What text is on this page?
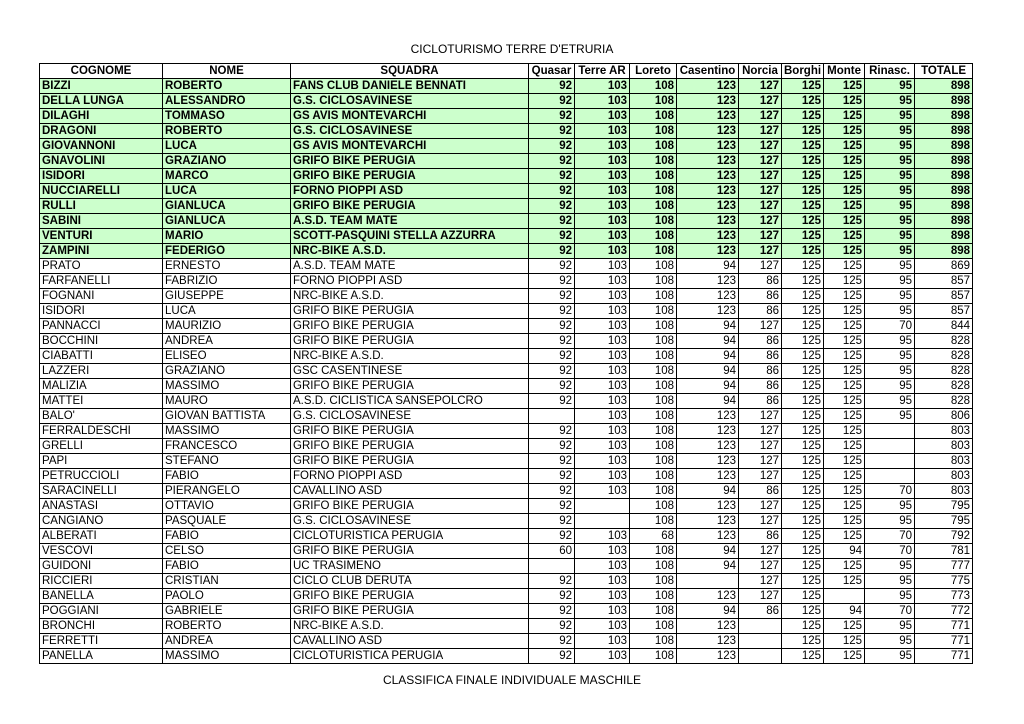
CICLOTURISMO TERRE D'ETRURIA
COGNOME	NOME	SQUADRA	Quasar	Terre AR	Loreto	Casentino	Norcia	Borghi	Monte	Rinasc.	TOTALE
BIZZI	ROBERTO	FANS CLUB DANIELE BENNATI	92	103	108	123	127	125	125	95	898
DELLA LUNGA	ALESSANDRO	G.S. CICLOSAVINESE	92	103	108	123	127	125	125	95	898
DILAGHI	TOMMASO	GS AVIS MONTEVARCHI	92	103	108	123	127	125	125	95	898
DRAGONI	ROBERTO	G.S. CICLOSAVINESE	92	103	108	123	127	125	125	95	898
GIOVANNONI	LUCA	GS AVIS MONTEVARCHI	92	103	108	123	127	125	125	95	898
GNAVOLINI	GRAZIANO	GRIFO BIKE PERUGIA	92	103	108	123	127	125	125	95	898
ISIDORI	MARCO	GRIFO BIKE PERUGIA	92	103	108	123	127	125	125	95	898
NUCCIARELLI	LUCA	FORNO PIOPPI ASD	92	103	108	123	127	125	125	95	898
RULLI	GIANLUCA	GRIFO BIKE PERUGIA	92	103	108	123	127	125	125	95	898
SABINI	GIANLUCA	A.S.D. TEAM MATE	92	103	108	123	127	125	125	95	898
VENTURI	MARIO	SCOTT-PASQUINI STELLA AZZURRA	92	103	108	123	127	125	125	95	898
ZAMPINI	FEDERIGO	NRC-BIKE A.S.D.	92	103	108	123	127	125	125	95	898
PRATO	ERNESTO	A.S.D. TEAM MATE	92	103	108	94	127	125	125	95	869
FARFANELLI	FABRIZIO	FORNO PIOPPI ASD	92	103	108	123	86	125	125	95	857
FOGNANI	GIUSEPPE	NRC-BIKE A.S.D.	92	103	108	123	86	125	125	95	857
ISIDORI	LUCA	GRIFO BIKE PERUGIA	92	103	108	123	86	125	125	95	857
PANNACCI	MAURIZIO	GRIFO BIKE PERUGIA	92	103	108	94	127	125	125	70	844
BOCCHINI	ANDREA	GRIFO BIKE PERUGIA	92	103	108	94	86	125	125	95	828
CIABATTI	ELISEO	NRC-BIKE A.S.D.	92	103	108	94	86	125	125	95	828
LAZZERI	GRAZIANO	GSC CASENTINESE	92	103	108	94	86	125	125	95	828
MALIZIA	MASSIMO	GRIFO BIKE PERUGIA	92	103	108	94	86	125	125	95	828
MATTEI	MAURO	A.S.D. CICLISTICA SANSEPOLCRO	92	103	108	94	86	125	125	95	828
BALO'	GIOVAN BATTISTA	G.S. CICLOSAVINESE		103	108	123	127	125	125	95	806
FERRALDESCHI	MASSIMO	GRIFO BIKE PERUGIA	92	103	108	123	127	125	125		803
GRELLI	FRANCESCO	GRIFO BIKE PERUGIA	92	103	108	123	127	125	125		803
PAPI	STEFANO	GRIFO BIKE PERUGIA	92	103	108	123	127	125	125		803
PETRUCCIOLI	FABIO	FORNO PIOPPI ASD	92	103	108	123	127	125	125		803
SARACINELLI	PIERANGELO	CAVALLINO ASD	92	103	108	94	86	125	125	70	803
ANASTASI	OTTAVIO	GRIFO BIKE PERUGIA	92		108	123	127	125	125	95	795
CANGIANO	PASQUALE	G.S. CICLOSAVINESE	92		108	123	127	125	125	95	795
ALBERATI	FABIO	CICLOTURISTICA PERUGIA	92	103	68	123	86	125	125	70	792
VESCOVI	CELSO	GRIFO BIKE PERUGIA	60	103	108	94	127	125	94	70	781
GUIDONI	FABIO	UC TRASIMENO		103	108	94	127	125	125	95	777
RICCIERI	CRISTIAN	CICLO CLUB DERUTA	92	103	108		127	125	125	95	775
BANELLA	PAOLO	GRIFO BIKE PERUGIA	92	103	108	123	127	125		95	773
POGGIANI	GABRIELE	GRIFO BIKE PERUGIA	92	103	108	94	86	125	94	70	772
BRONCHI	ROBERTO	NRC-BIKE A.S.D.	92	103	108	123		125	125	95	771
FERRETTI	ANDREA	CAVALLINO ASD	92	103	108	123		125	125	95	771
PANELLA	MASSIMO	CICLOTURISTICA PERUGIA	92	103	108	123		125	125	95	771
CLASSIFICA FINALE INDIVIDUALE MASCHILE
